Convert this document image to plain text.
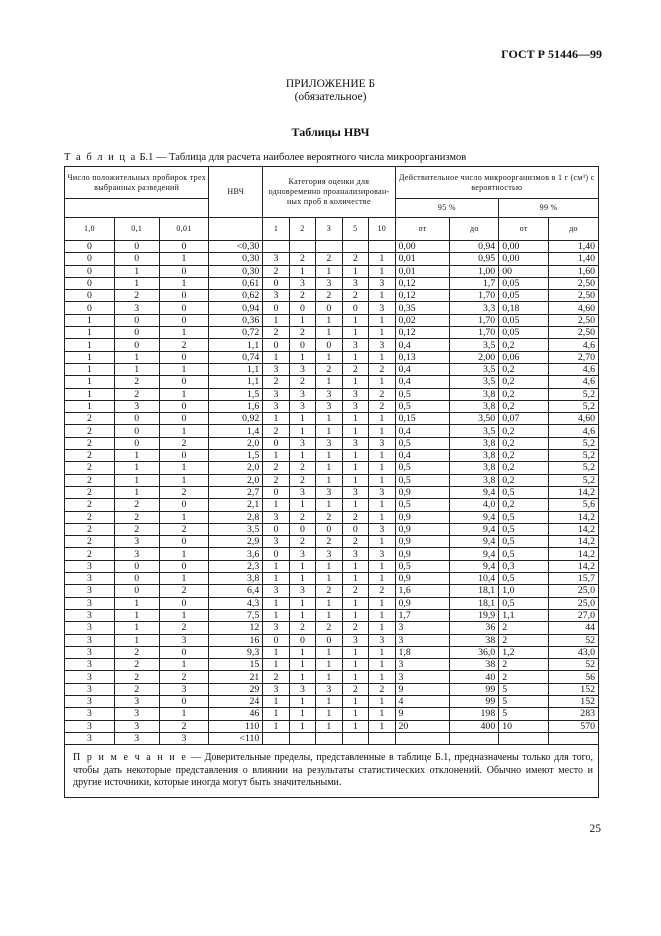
ГОСТ Р 51446—99
ПРИЛОЖЕНИЕ Б
(обязательное)
Таблицы НВЧ
Т а б л и ц а Б.1 — Таблица для расчета наиболее вероятного числа микроорганизмов
Число положительных пробирок трех выбранных разведений			НВЧ	Категория оценки для одновременно проанализированных проб в количестве					Действительное число микроорганизмов в 1 г (см³) с вероятностью			
									95 %		99 %	
1,0	0,1	0,01		1	2	3	5	10	от	до	от	до
0	0	0	<0,30						0,00	0,94	0,00	1,40
0	0	1	0,30	3	2	2	2	1	0,01	0,95	0,00	1,40
0	1	0	0,30	2	1	1	1	1	0,01	1,00	00	1,60
0	1	1	0,61	0	3	3	3	3	0,12	1,7	0,05	2,50
0	2	0	0,62	3	2	2	2	1	0,12	1,70	0,05	2,50
0	3	0	0,94	0	0	0	0	3	0,35	3,3	0,18	4,60
1	0	0	0,36	1	1	1	1	1	0,02	1,70	0,05	2,50
1	0	1	0,72	2	2	1	1	1	0,12	1,70	0,05	2,50
1	0	2	1,1	0	0	0	3	3	0,4	3,5	0,2	4,6
1	1	0	0,74	1	1	1	1	1	0,13	2,00	0,06	2,70
1	1	1	1,1	3	3	2	2	2	0,4	3,5	0,2	4,6
1	2	0	1,1	2	2	1	1	1	0,4	3,5	0,2	4,6
1	2	1	1,5	3	3	3	3	2	0,5	3,8	0,2	5,2
1	3	0	1,6	3	3	3	3	2	0,5	3,8	0,2	5,2
2	0	0	0,92	1	1	1	1	1	0,15	3,50	0,07	4,60
2	0	1	1,4	2	1	1	1	1	0,4	3,5	0,2	4,6
2	0	2	2,0	0	3	3	3	3	0,5	3,8	0,2	5,2
2	1	0	1,5	1	1	1	1	1	0,4	3,8	0,2	5,2
2	1	1	2,0	2	2	1	1	1	0,5	3,8	0,2	5,2
2	1	1	2,0	2	2	1	1	1	0,5	3,8	0,2	5,2
2	1	2	2,7	0	3	3	3	3	0,9	9,4	0,5	14,2
2	2	0	2,1	1	1	1	1	1	0,5	4,0	0,2	5,6
2	2	1	2,8	3	2	2	2	1	0,9	9,4	0,5	14,2
2	2	2	3,5	0	0	0	0	3	0,9	9,4	0,5	14,2
2	3	0	2,9	3	2	2	2	1	0,9	9,4	0,5	14,2
2	3	1	3,6	0	3	3	3	3	0,9	9,4	0,5	14,2
3	0	0	2,3	1	1	1	1	1	0,5	9,4	0,3	14,2
3	0	1	3,8	1	1	1	1	1	0,9	10,4	0,5	15,7
3	0	2	6,4	3	3	2	2	2	1,6	18,1	1,0	25,0
3	1	0	4,3	1	1	1	1	1	0,9	18,1	0,5	25,0
3	1	1	7,5	1	1	1	1	1	1,7	19,9	1,1	27,0
3	1	2	12	3	2	2	2	1	3	36	2	44
3	1	3	16	0	0	0	3	3	3	38	2	52
3	2	0	9,3	1	1	1	1	1	1,8	36,0	1,2	43,0
3	2	1	15	1	1	1	1	1	3	38	2	52
3	2	2	21	2	1	1	1	1	3	40	2	56
3	2	3	29	3	3	3	2	2	9	99	5	152
3	3	0	24	1	1	1	1	1	4	99	5	152
3	3	1	46	1	1	1	1	1	9	198	5	283
3	3	2	110	1	1	1	1	1	20	400	10	570
3	3	3	<110									
П р и м е ч а н и е — Доверительные пределы, представленные в таблице Б.1, предназначены только для того, чтобы дать некоторые представления о влиянии на результаты статистических отклонений. Обычно имеют место и другие источники, которые иногда могут быть значительными.												
25
